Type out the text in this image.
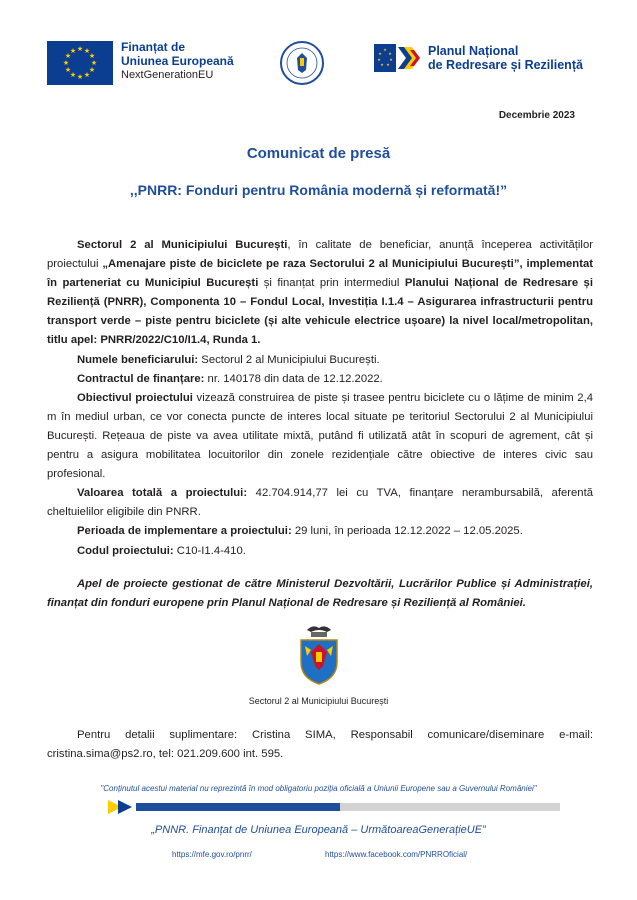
★ ★
★
★
★
★
★
★
★
★
★
★	Finanțat de
Uniunea Europeană
NextGenerationEU
★
★
★
★
★
★
★	Planul Național
de Redresare și Reziliență
Decembrie 2023
Comunicat de presă
,,PNRR: Fonduri pentru România modernă și reformată!”

Sectorul 2 al Municipiului București, în calitate de beneficiar, anunță începerea activităților proiectului „Amenajare piste de biciclete pe raza Sectorului 2 al Municipiului București”, implementat în parteneriat cu Municipiul București și finanțat prin intermediul Planului Național de Redresare și Reziliență (PNRR), Componenta 10 – Fondul Local, Investiția I.1.4 – Asigurarea infrastructurii pentru transport verde – piste pentru biciclete (și alte vehicule electrice ușoare) la nivel local/metropolitan, titlu apel: PNRR/2022/C10/I1.4, Runda 1.

Numele beneficiarului: Sectorul 2 al Municipiului București.

Contractul de finanțare: nr. 140178 din data de 12.12.2022.

Obiectivul proiectului vizează construirea de piste și trasee pentru biciclete cu o lățime de minim 2,4 m în mediul urban, ce vor conecta puncte de interes local situate pe teritoriul Sectorului 2 al Municipiului București. Rețeaua de piste va avea utilitate mixtă, putând fi utilizată atât în scopuri de agrement, cât și pentru a asigura mobilitatea locuitorilor din zonele rezidențiale către obiective de interes civic sau profesional.

Valoarea totală a proiectului: 42.704.914,77 lei cu TVA, finanțare nerambursabilă, aferentă cheltuielilor eligibile din PNRR.

Perioada de implementare a proiectului: 29 luni, în perioada 12.12.2022 – 12.05.2025.

Codul proiectului: C10-I1.4-410.

Apel de proiecte gestionat de către Ministerul Dezvoltării, Lucrărilor Publice și Administrației, finanțat din fonduri europene prin Planul Național de Redresare și Reziliență al României.

Sectorul 2 al Municipiului București

Pentru detalii suplimentare: Cristina SIMA, Responsabil comunicare/diseminare e-mail: cristina.sima@ps2.ro, tel: 021.209.600 int. 595.

"Conținutul acestui material nu reprezintă în mod obligatoriu poziția oficială a Uniunii Europene sau a Guvernului României"
„PNNR. Finanțat de Uniunea Europeană – UrmătoareaGenerațieUE”
https://mfe.gov.ro/pnrr/	https://www.facebook.com/PNRROficial/
